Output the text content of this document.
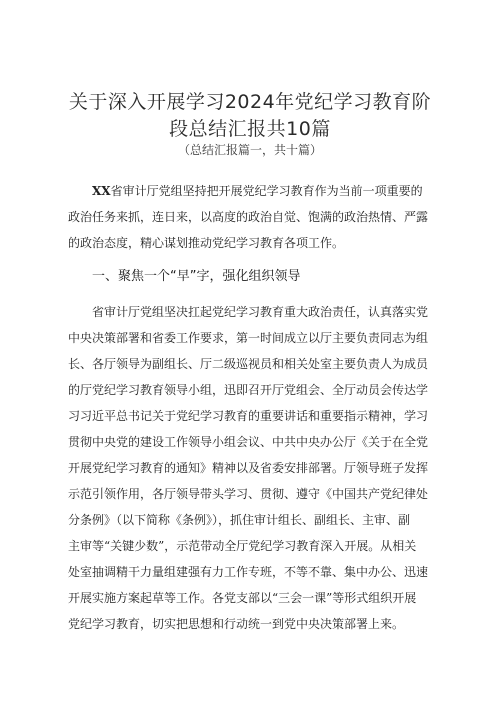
关于深入开展学习2024年党纪学习教育阶
段总结汇报共10篇
（总结汇报篇一，共十篇）
XX省审计厅党组坚持把开展党纪学习教育作为当前一项重要的
政治任务来抓，连日来，以高度的政治自觉、饱满的政治热情、严露
的政治态度，精心谋划推动党纪学习教育各项工作。
一、聚焦一个“早”字，强化组织领导
省审计厅党组坚决扛起党纪学习教育重大政治责任，认真落实党
中央决策部署和省委工作要求，第一时间成立以厅主要负责同志为组
长、各厅领导为副组长、厅二级巡视员和相关处室主要负责人为成员
的厅党纪学习教育领导小组，迅即召开厅党组会、全厅动员会传达学
习习近平总书记关于党纪学习教育的重要讲话和重要指示精神，学习
贯彻中央党的建设工作领导小组会议、中共中央办公厅《关于在全党
开展党纪学习教育的通知》精神以及省委安排部署。厅领导班子发挥
示范引领作用，各厅领导带头学习、贯彻、遵守《中国共产党纪律处
分条例》（以下简称《条例》），抓住审计组长、副组长、主审、副
主审等“关键少数”，示范带动全厅党纪学习教育深入开展。从相关
处室抽调精干力量组建强有力工作专班，不等不靠、集中办公、迅速
开展实施方案起草等工作。各党支部以“三会一课”等形式组织开展
党纪学习教育，切实把思想和行动统一到党中央决策部署上来。
